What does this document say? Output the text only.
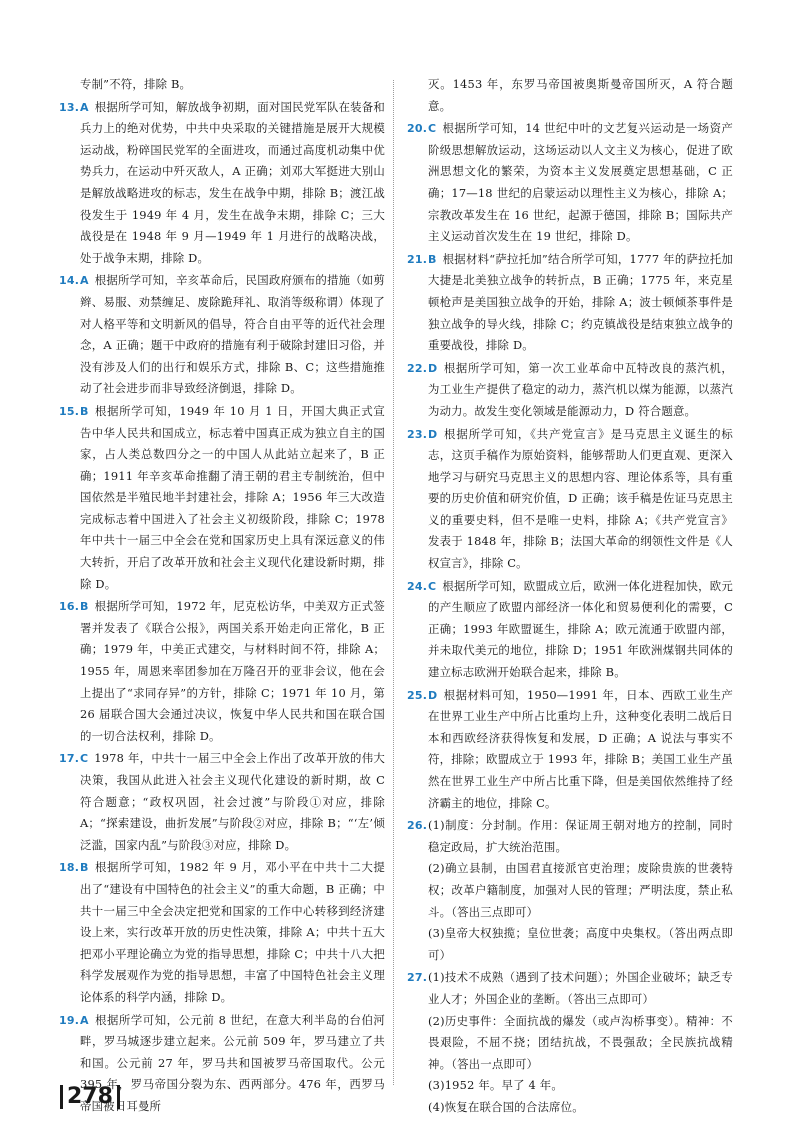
专制”不符，排除 B。
13. A 根据所学可知，解放战争初期，面对国民党军队在装备和兵力上的绝对优势，中共中央采取的关键措施是展开大规模运动战，粉碎国民党军的全面进攻，而通过高度机动集中优势兵力，在运动中歼灭敌人，A 正确；刘邓大军挺进大别山是解放战略进攻的标志，发生在战争中期，排除 B；渡江战役发生于 1949 年 4 月，发生在战争末期，排除 C；三大战役是在 1948 年 9 月—1949 年 1 月进行的战略决战，处于战争末期，排除 D。
14. A 根据所学可知，辛亥革命后，民国政府颁布的措施（如剪辫、易服、劝禁缠足、废除跪拜礼、取消等级称谓）体现了对人格平等和文明新风的倡导，符合自由平等的近代社会理念，A 正确；题干中政府的措施有利于破除封建旧习俗，并没有涉及人们的出行和娱乐方式，排除 B、C；这些措施推动了社会进步而非导致经济倒退，排除 D。
15. B 根据所学可知，1949 年 10 月 1 日，开国大典正式宣告中华人民共和国成立，标志着中国真正成为独立自主的国家，占人类总数四分之一的中国人从此站立起来了，B 正确；1911 年辛亥革命推翻了清王朝的君主专制统治，但中国依然是半殖民地半封建社会，排除 A；1956 年三大改造完成标志着中国进入了社会主义初级阶段，排除 C；1978 年中共十一届三中全会在党和国家历史上具有深远意义的伟大转折，开启了改革开放和社会主义现代化建设新时期，排除 D。
16. B 根据所学可知，1972 年，尼克松访华，中美双方正式签署并发表了《联合公报》，两国关系开始走向正常化，B 正确；1979 年，中美正式建交，与材料时间不符，排除 A；1955 年，周恩来率团参加在万隆召开的亚非会议，他在会上提出了“求同存异”的方针，排除 C；1971 年 10 月，第 26 届联合国大会通过决议，恢复中华人民共和国在联合国的一切合法权利，排除 D。
17. C 1978 年，中共十一届三中全会上作出了改革开放的伟大决策，我国从此进入社会主义现代化建设的新时期，故 C 符合题意；“政权巩固，社会过渡”与阶段①对应，排除 A；“探索建设，曲折发展”与阶段②对应，排除 B；“‘左’倾泛滥，国家内乱”与阶段③对应，排除 D。
18. B 根据所学可知，1982 年 9 月，邓小平在中共十二大提出了“建设有中国特色的社会主义”的重大命题，B 正确；中共十一届三中全会决定把党和国家的工作中心转移到经济建设上来，实行改革开放的历史性决策，排除 A；中共十五大把邓小平理论确立为党的指导思想，排除 C；中共十八大把科学发展观作为党的指导思想，丰富了中国特色社会主义理论体系的科学内涵，排除 D。
19. A 根据所学可知，公元前 8 世纪，在意大利半岛的台伯河畔，罗马城逐步建立起来。公元前 509 年，罗马建立了共和国。公元前 27 年，罗马共和国被罗马帝国取代。公元 395 年，罗马帝国分裂为东、西两部分。476 年，西罗马帝国被日耳曼所
灭。1453 年，东罗马帝国被奥斯曼帝国所灭，A 符合题意。
20. C 根据所学可知，14 世纪中叶的文艺复兴运动是一场资产阶级思想解放运动，这场运动以人文主义为核心，促进了欧洲思想文化的繁荣，为资本主义发展奠定思想基础，C 正确；17—18 世纪的启蒙运动以理性主义为核心，排除 A；宗教改革发生在 16 世纪，起源于德国，排除 B；国际共产主义运动首次发生在 19 世纪，排除 D。
21. B 根据材料“萨拉托加”结合所学可知，1777 年的萨拉托加大捷是北美独立战争的转折点，B 正确；1775 年，来克星顿枪声是美国独立战争的开始，排除 A；波士顿倾茶事件是独立战争的导火线，排除 C；约克镇战役是结束独立战争的重要战役，排除 D。
22. D 根据所学可知，第一次工业革命中瓦特改良的蒸汽机，为工业生产提供了稳定的动力，蒸汽机以煤为能源，以蒸汽为动力。故发生变化领域是能源动力，D 符合题意。
23. D 根据所学可知，《共产党宣言》是马克思主义诞生的标志，这页手稿作为原始资料，能够帮助人们更直观、更深入地学习与研究马克思主义的思想内容、理论体系等，具有重要的历史价值和研究价值，D 正确；该手稿是佐证马克思主义的重要史料，但不是唯一史料，排除 A；《共产党宣言》发表于 1848 年，排除 B；法国大革命的纲领性文件是《人权宣言》，排除 C。
24. C 根据所学可知，欧盟成立后，欧洲一体化进程加快，欧元的产生顺应了欧盟内部经济一体化和贸易便利化的需要，C 正确；1993 年欧盟诞生，排除 A；欧元流通于欧盟内部，并未取代美元的地位，排除 D；1951 年欧洲煤钢共同体的建立标志欧洲开始联合起来，排除 B。
25. D 根据材料可知，1950—1991 年，日本、西欧工业生产在世界工业生产中所占比重均上升，这种变化表明二战后日本和西欧经济获得恢复和发展，D 正确；A 说法与事实不符，排除；欧盟成立于 1993 年，排除 B；美国工业生产虽然在世界工业生产中所占比重下降，但是美国依然维持了经济霸主的地位，排除 C。
26. (1)制度：分封制。作用：保证周王朝对地方的控制，同时稳定政局，扩大统治范围。
(2)确立县制，由国君直接派官吏治理；废除贵族的世袭特权；改革户籍制度，加强对人民的管理；严明法度，禁止私斗。（答出三点即可）
(3)皇帝大权独揽；皇位世袭；高度中央集权。（答出两点即可）
27. (1)技术不成熟（遇到了技术问题）；外国企业破坏；缺乏专业人才；外国企业的垄断。（答出三点即可）
(2)历史事件：全面抗战的爆发（或卢沟桥事变）。精神：不畏艰险，不屈不挠；团结抗战，不畏强敌；全民族抗战精神。（答出一点即可）
(3)1952 年。早了 4 年。
(4)恢复在联合国的合法席位。
278
